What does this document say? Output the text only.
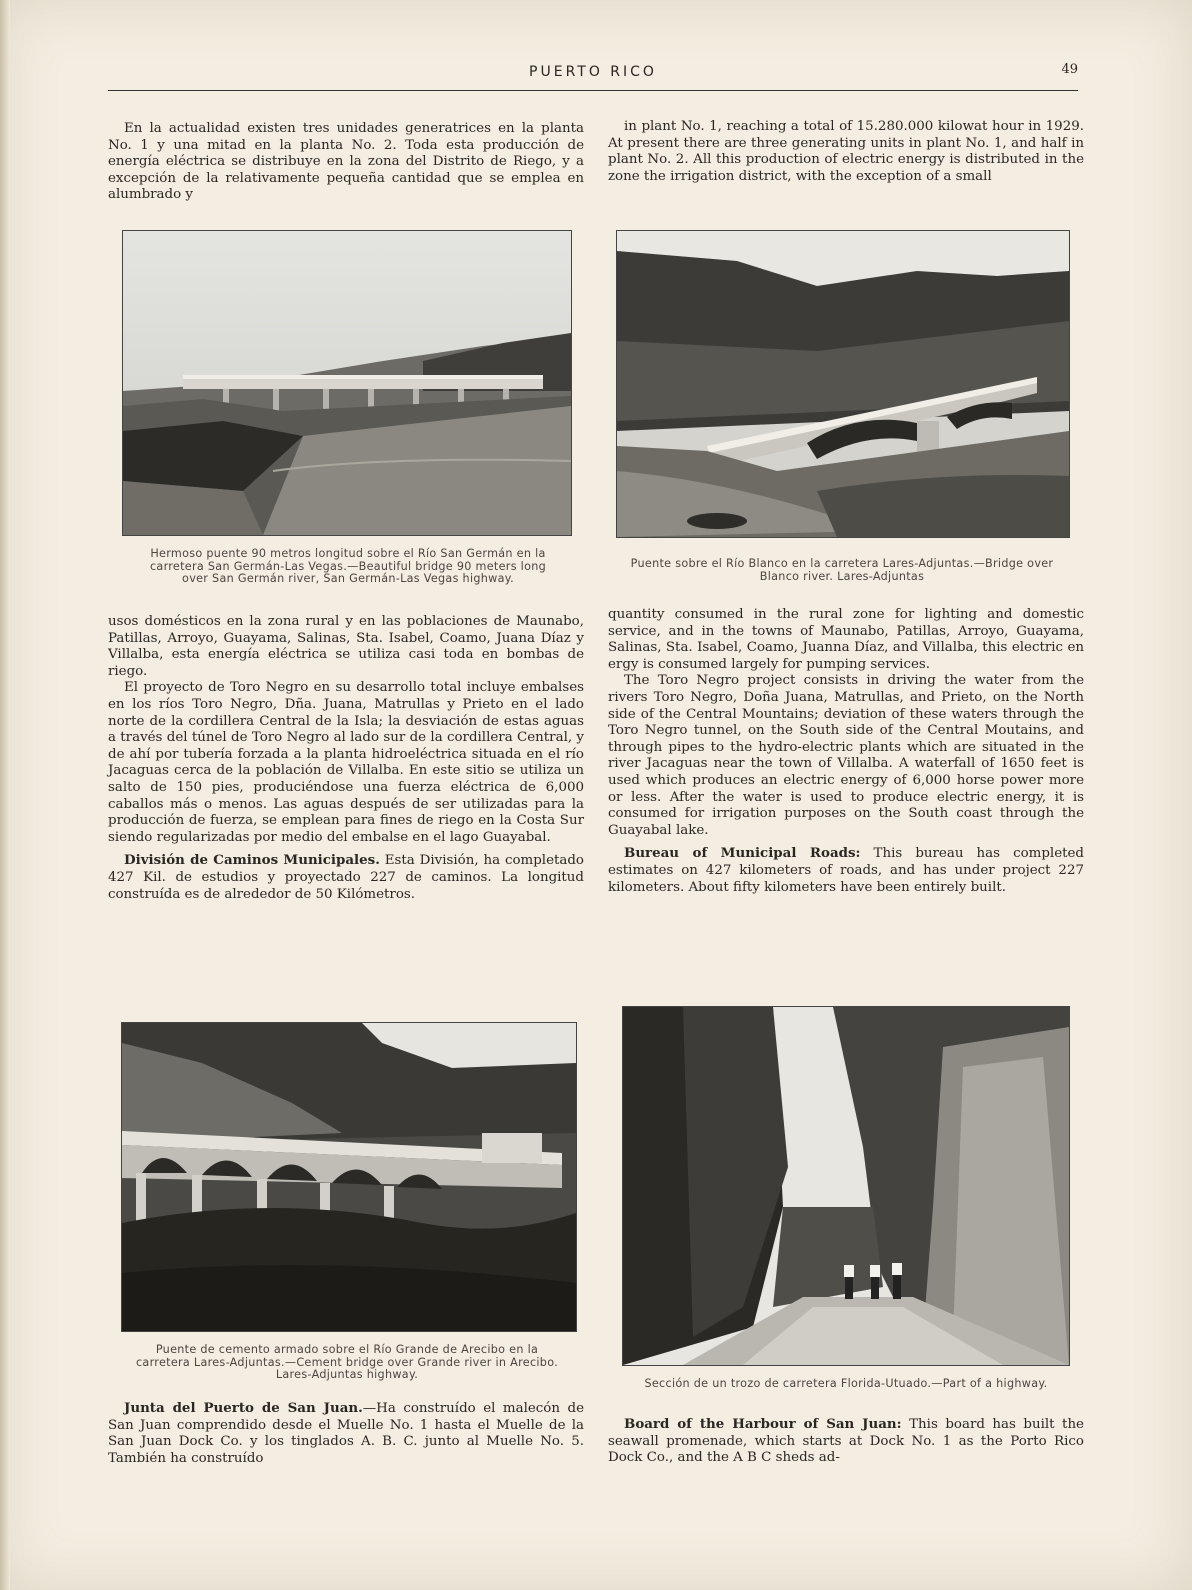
PUERTO RICO	49

En la actualidad existen tres unidades generatrices en la planta No. 1 y una mitad en la planta No. 2. Toda esta producción de energía eléctrica se distribuye en la zona del Distrito de Riego, y a excepción de la relativamente pequeña cantidad que se emplea en alumbrado y

in plant No. 1, reaching a total of 15.280.000 kilowat hour in 1929. At present there are three generating units in plant No. 1, and half in plant No. 2. All this production of electric energy is distributed in the zone the irrigation district, with the exception of a small

Hermoso puente 90 metros longitud sobre el Río San Germán en la carretera San Germán-Las Vegas.—Beautiful bridge 90 meters long over San Germán river, San Germán-Las Vegas highway.
Puente sobre el Río Blanco en la carretera Lares-Adjuntas.—Bridge over Blanco river. Lares-Adjuntas

usos domésticos en la zona rural y en las poblaciones de Maunabo, Patillas, Arroyo, Guayama, Salinas, Sta. Isabel, Coamo, Juana Díaz y Villalba, esta energía eléctrica se utiliza casi toda en bombas de riego.

El proyecto de Toro Negro en su desarrollo total incluye embalses en los ríos Toro Negro, Dña. Juana, Matrullas y Prieto en el lado norte de la cordillera Central de la Isla; la desviación de estas aguas a través del túnel de Toro Negro al lado sur de la cordillera Central, y de ahí por tubería forzada a la planta hidroeléctrica situada en el río Jacaguas cerca de la población de Villalba. En este sitio se utiliza un salto de 150 pies, produciéndose una fuerza eléctrica de 6,000 caballos más o menos. Las aguas después de ser utilizadas para la producción de fuerza, se emplean para fines de riego en la Costa Sur siendo regularizadas por medio del embalse en el lago Guayabal.

División de Caminos Municipales. Esta División, ha completado 427 Kil. de estudios y proyectado 227 de caminos. La longitud construída es de alrededor de 50 Kilómetros.

quantity consumed in the rural zone for lighting and domestic service, and in the towns of Maunabo, Patillas, Arroyo, Guayama, Salinas, Sta. Isabel, Coamo, Juanna Díaz, and Villalba, this electric en ergy is consumed largely for pumping services.

The Toro Negro project consists in driving the water from the rivers Toro Negro, Doña Juana, Matrullas, and Prieto, on the North side of the Central Mountains; deviation of these waters through the Toro Negro tunnel, on the South side of the Central Moutains, and through pipes to the hydro-electric plants which are situated in the river Jacaguas near the town of Villalba. A waterfall of 1650 feet is used which produces an electric energy of 6,000 horse power more or less. After the water is used to produce electric energy, it is consumed for irrigation purposes on the South coast through the Guayabal lake.

Bureau of Municipal Roads: This bureau has completed estimates on 427 kilometers of roads, and has under project 227 kilometers. About fifty kilometers have been entirely built.

Puente de cemento armado sobre el Río Grande de Arecibo en la carretera Lares-Adjuntas.—Cement bridge over Grande river in Arecibo. Lares-Adjuntas highway.
Sección de un trozo de carretera Florida-Utuado.—Part of a highway.

Junta del Puerto de San Juan.—Ha construído el malecón de San Juan comprendido desde el Muelle No. 1 hasta el Muelle de la San Juan Dock Co. y los tinglados A. B. C. junto al Muelle No. 5. También ha construído

Board of the Harbour of San Juan: This board has built the seawall promenade, which starts at Dock No. 1 as the Porto Rico Dock Co., and the A B C sheds ad-
